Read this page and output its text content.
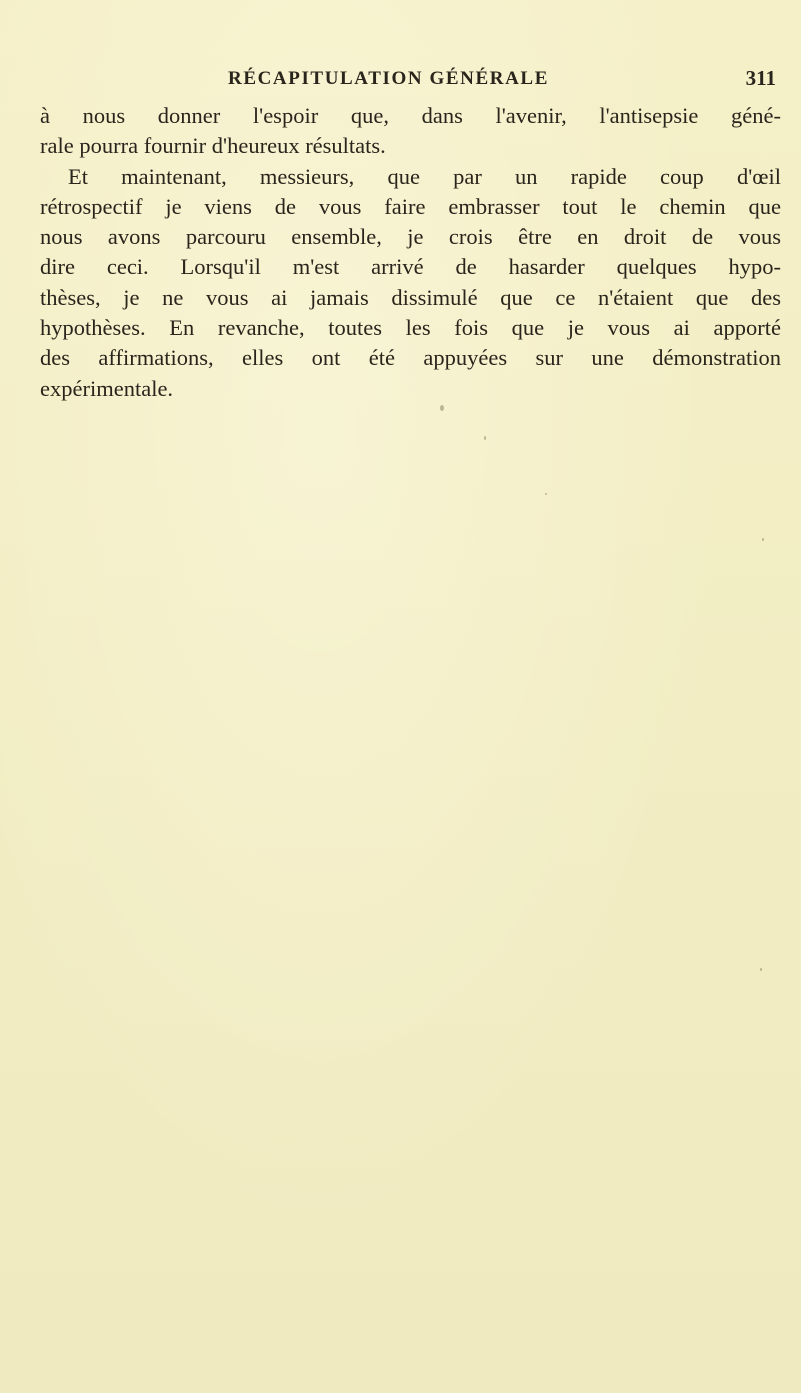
RÉCAPITULATION GÉNÉRALE	311
à nous donner l'espoir que, dans l'avenir, l'antisepsie géné-
rale pourra fournir d'heureux résultats.
Et maintenant, messieurs, que par un rapide coup d'œil
rétrospectif je viens de vous faire embrasser tout le chemin que
nous avons parcouru ensemble, je crois être en droit de vous
dire ceci. Lorsqu'il m'est arrivé de hasarder quelques hypo-
thèses, je ne vous ai jamais dissimulé que ce n'étaient que des
hypothèses. En revanche, toutes les fois que je vous ai apporté
des affirmations, elles ont été appuyées sur une démonstration
expérimentale.
